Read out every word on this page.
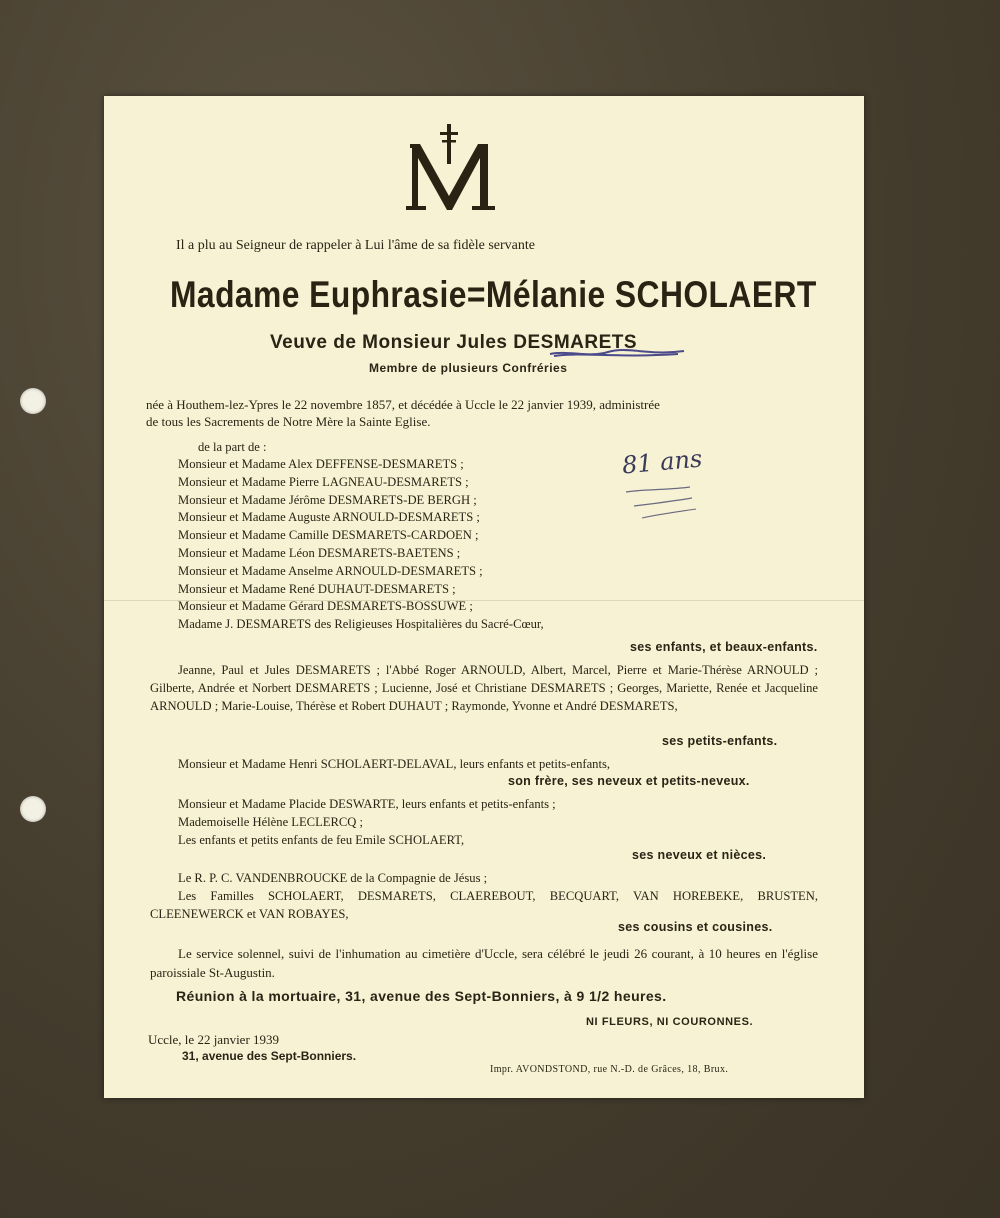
Il a plu au Seigneur de rappeler à Lui l'âme de sa fidèle servante
Madame Euphrasie=Mélanie SCHOLAERT
Veuve de Monsieur Jules DESMARETS
Membre de plusieurs Confréries
née à Houthem-lez-Ypres le 22 novembre 1857, et décédée à Uccle le 22 janvier 1939, administrée
de tous les Sacrements de Notre Mère la Sainte Eglise.
de la part de :
Monsieur et Madame Alex DEFFENSE-DESMARETS ;
Monsieur et Madame Pierre LAGNEAU-DESMARETS ;
Monsieur et Madame Jérôme DESMARETS-DE BERGH ;
Monsieur et Madame Auguste ARNOULD-DESMARETS ;
Monsieur et Madame Camille DESMARETS-CARDOEN ;
Monsieur et Madame Léon DESMARETS-BAETENS ;
Monsieur et Madame Anselme ARNOULD-DESMARETS ;
Monsieur et Madame René DUHAUT-DESMARETS ;
Monsieur et Madame Gérard DESMARETS-BOSSUWE ;
Madame J. DESMARETS des Religieuses Hospitalières du Sacré-Cœur,
ses enfants, et beaux-enfants.
Jeanne, Paul et Jules DESMARETS ; l'Abbé Roger ARNOULD, Albert, Marcel, Pierre et Marie-Thérèse ARNOULD ; Gilberte, Andrée et Norbert DESMARETS ; Lucienne, José et Christiane DESMARETS ; Georges, Mariette, Renée et Jacqueline ARNOULD ; Marie-Louise, Thérèse et Robert DUHAUT ; Raymonde, Yvonne et André DESMARETS,
ses petits-enfants.
Monsieur et Madame Henri SCHOLAERT-DELAVAL, leurs enfants et petits-enfants,
son frère, ses neveux et petits-neveux.
Monsieur et Madame Placide DESWARTE, leurs enfants et petits-enfants ;
Mademoiselle Hélène LECLERCQ ;
Les enfants et petits enfants de feu Emile SCHOLAERT,
ses neveux et nièces.
Le R. P. C. VANDENBROUCKE de la Compagnie de Jésus ;
Les Familles SCHOLAERT, DESMARETS, CLAEREBOUT, BECQUART, VAN HOREBEKE, BRUSTEN, CLEENEWERCK et VAN ROBAYES,
ses cousins et cousines.
Le service solennel, suivi de l'inhumation au cimetière d'Uccle, sera célébré le jeudi 26 courant, à 10 heures en l'église paroissiale St-Augustin.
Réunion à la mortuaire, 31, avenue des Sept-Bonniers, à 9 1/2 heures.
NI FLEURS, NI COURONNES.
Uccle, le 22 janvier 1939
31, avenue des Sept-Bonniers.
Impr. AVONDSTOND, rue N.-D. de Grâces, 18, Brux.
81 ans
